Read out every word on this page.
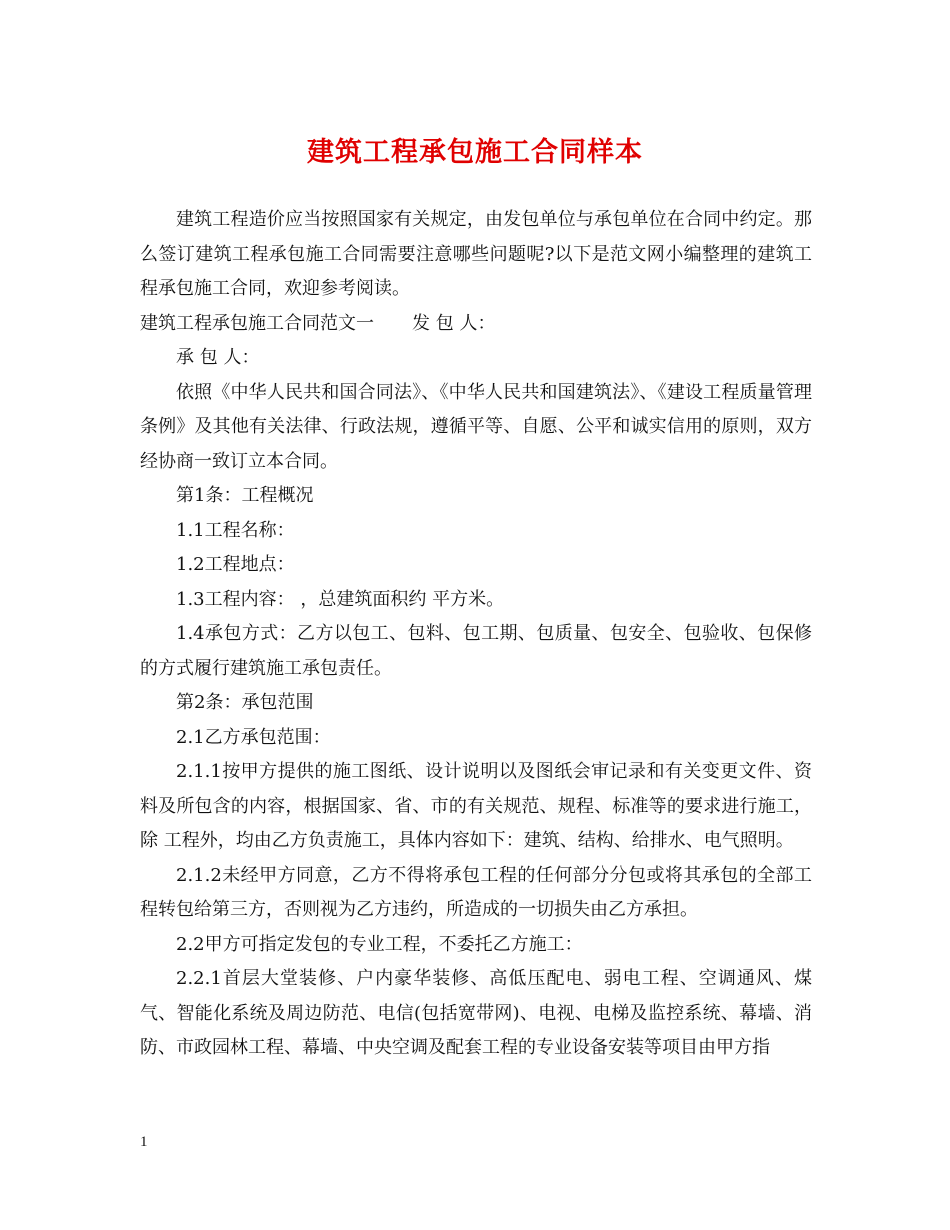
建筑工程承包施工合同样本

建筑工程造价应当按照国家有关规定，由发包单位与承包单位在合同中约定。那么签订建筑工程承包施工合同需要注意哪些问题呢?以下是范文网小编整理的建筑工程承包施工合同，欢迎参考阅读。

建筑工程承包施工合同范文一 发 包 人：

承 包 人：

依照《中华人民共和国合同法》、《中华人民共和国建筑法》、《建设工程质量管理条例》及其他有关法律、行政法规，遵循平等、自愿、公平和诚实信用的原则，双方经协商一致订立本合同。

第1条：工程概况

1.1工程名称：

1.2工程地点：

1.3工程内容： ，总建筑面积约 平方米。

1.4承包方式：乙方以包工、包料、包工期、包质量、包安全、包验收、包保修的方式履行建筑施工承包责任。

第2条：承包范围

2.1乙方承包范围：

2.1.1按甲方提供的施工图纸、设计说明以及图纸会审记录和有关变更文件、资料及所包含的内容，根据国家、省、市的有关规范、规程、标准等的要求进行施工，除 工程外，均由乙方负责施工，具体内容如下：建筑、结构、给排水、电气照明。

2.1.2未经甲方同意，乙方不得将承包工程的任何部分分包或将其承包的全部工程转包给第三方，否则视为乙方违约，所造成的一切损失由乙方承担。

2.2甲方可指定发包的专业工程，不委托乙方施工：

2.2.1首层大堂装修、户内豪华装修、高低压配电、弱电工程、空调通风、煤气、智能化系统及周边防范、电信(包括宽带网)、电视、电梯及监控系统、幕墙、消防、市政园林工程、幕墙、中央空调及配套工程的专业设备安装等项目由甲方指

1
